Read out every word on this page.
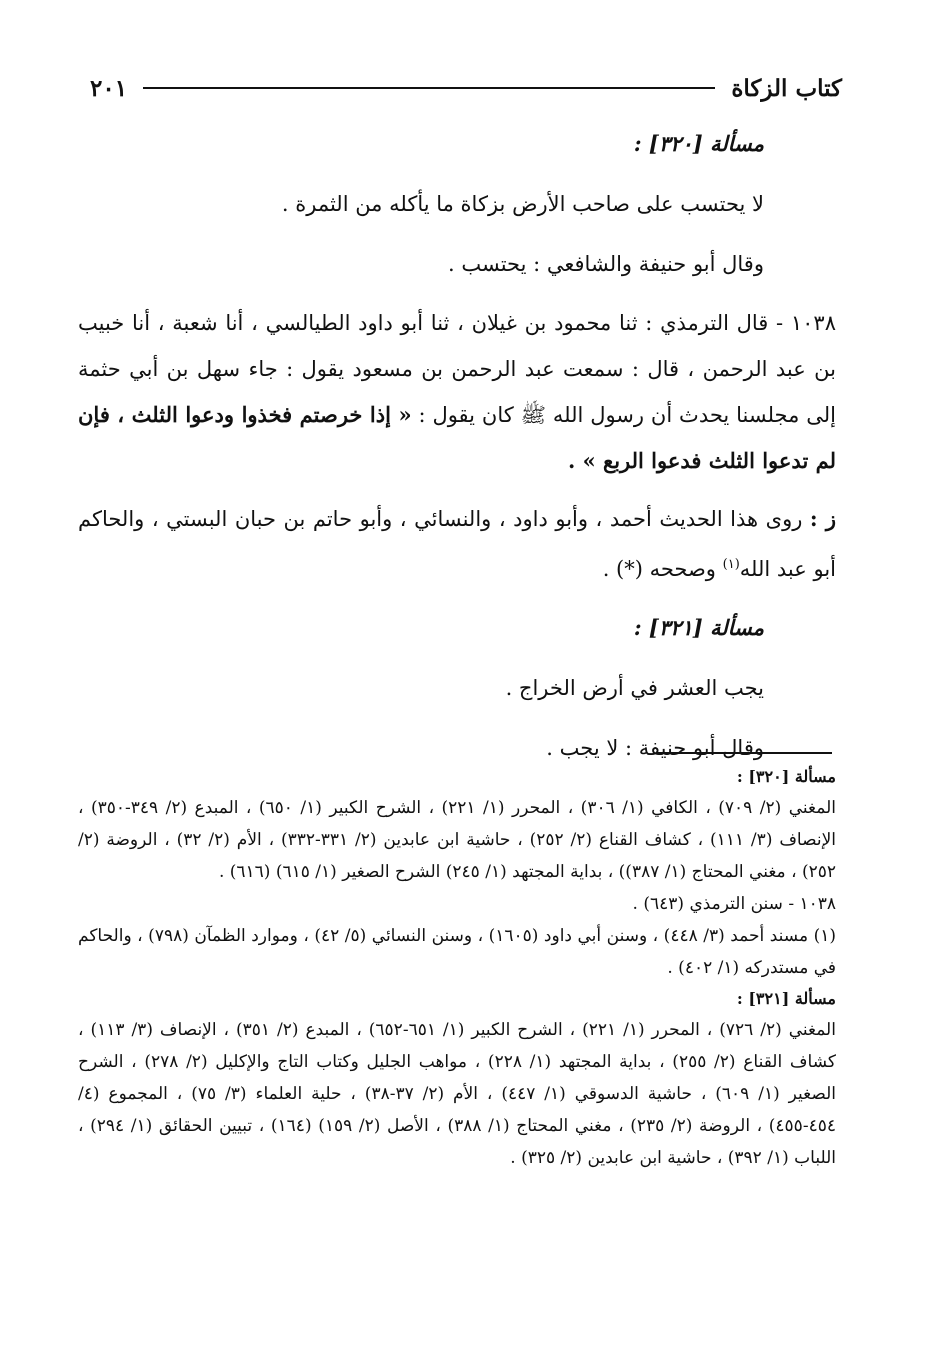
كتاب الزكاة
٢٠١

مسألة [٣٢٠] :

لا يحتسب على صاحب الأرض بزكاة ما يأكله من الثمرة .

وقال أبو حنيفة والشافعي : يحتسب .

١٠٣٨ - قال الترمذي : ثنا محمود بن غيلان ، ثنا أبو داود الطيالسي ، أنا شعبة ، أنا خبيب بن عبد الرحمن ، قال : سمعت عبد الرحمن بن مسعود يقول : جاء سهل بن أبي حثمة إلى مجلسنا يحدث أن رسول الله ﷺ كان يقول : « إذا خرصتم فخذوا ودعوا الثلث ، فإن لم تدعوا الثلث فدعوا الربع » .

ز : روى هذا الحديث أحمد ، وأبو داود ، والنسائي ، وأبو حاتم بن حبان البستي ، والحاكم أبو عبد الله$^{(١)}$ وصححه (*) .

مسألة [٣٢١] :

يجب العشر في أرض الخراج .

وقال أبو حنيفة : لا يجب .

مسألة [٣٢٠] :

المغني (٢/ ٧٠٩) ، الكافي (١/ ٣٠٦) ، المحرر (١/ ٢٢١) ، الشرح الكبير (١/ ٦٥٠) ، المبدع (٢/ ٣٤٩-٣٥٠) ، الإنصاف (٣/ ١١١) ، كشاف القناع (٢/ ٢٥٢) ، حاشية ابن عابدين (٢/ ٣٣١-٣٣٢) ، الأم (٢/ ٣٢) ، الروضة (٢/ ٢٥٢) ، مغني المحتاج (١/ ٣٨٧)) ، بداية المجتهد (١/ ٢٤٥) الشرح الصغير (١/ ٦١٥) (٦١٦) .

١٠٣٨ - سنن الترمذي (٦٤٣) .

(١) مسند أحمد (٣/ ٤٤٨) ، وسنن أبي داود (١٦٠٥) ، وسنن النسائي (٥/ ٤٢) ، وموارد الظمآن (٧٩٨) ، والحاكم في مستدركه (١/ ٤٠٢) .

مسألة [٣٢١] :

المغني (٢/ ٧٢٦) ، المحرر (١/ ٢٢١) ، الشرح الكبير (١/ ٦٥١-٦٥٢) ، المبدع (٢/ ٣٥١) ، الإنصاف (٣/ ١١٣) ، كشاف القناع (٢/ ٢٥٥) ، بداية المجتهد (١/ ٢٢٨) ، مواهب الجليل وكتاب التاج والإكليل (٢/ ٢٧٨) ، الشرح الصغير (١/ ٦٠٩) ، حاشية الدسوقي (١/ ٤٤٧) ، الأم (٢/ ٣٧-٣٨) ، حلية العلماء (٣/ ٧٥) ، المجموع (٤/ ٤٥٤-٤٥٥) ، الروضة (٢/ ٢٣٥) ، مغني المحتاج (١/ ٣٨٨) ، الأصل (٢/ ١٥٩) (١٦٤) ، تبيين الحقائق (١/ ٢٩٤) ، اللباب (١/ ٣٩٢) ، حاشية ابن عابدين (٢/ ٣٢٥) .
